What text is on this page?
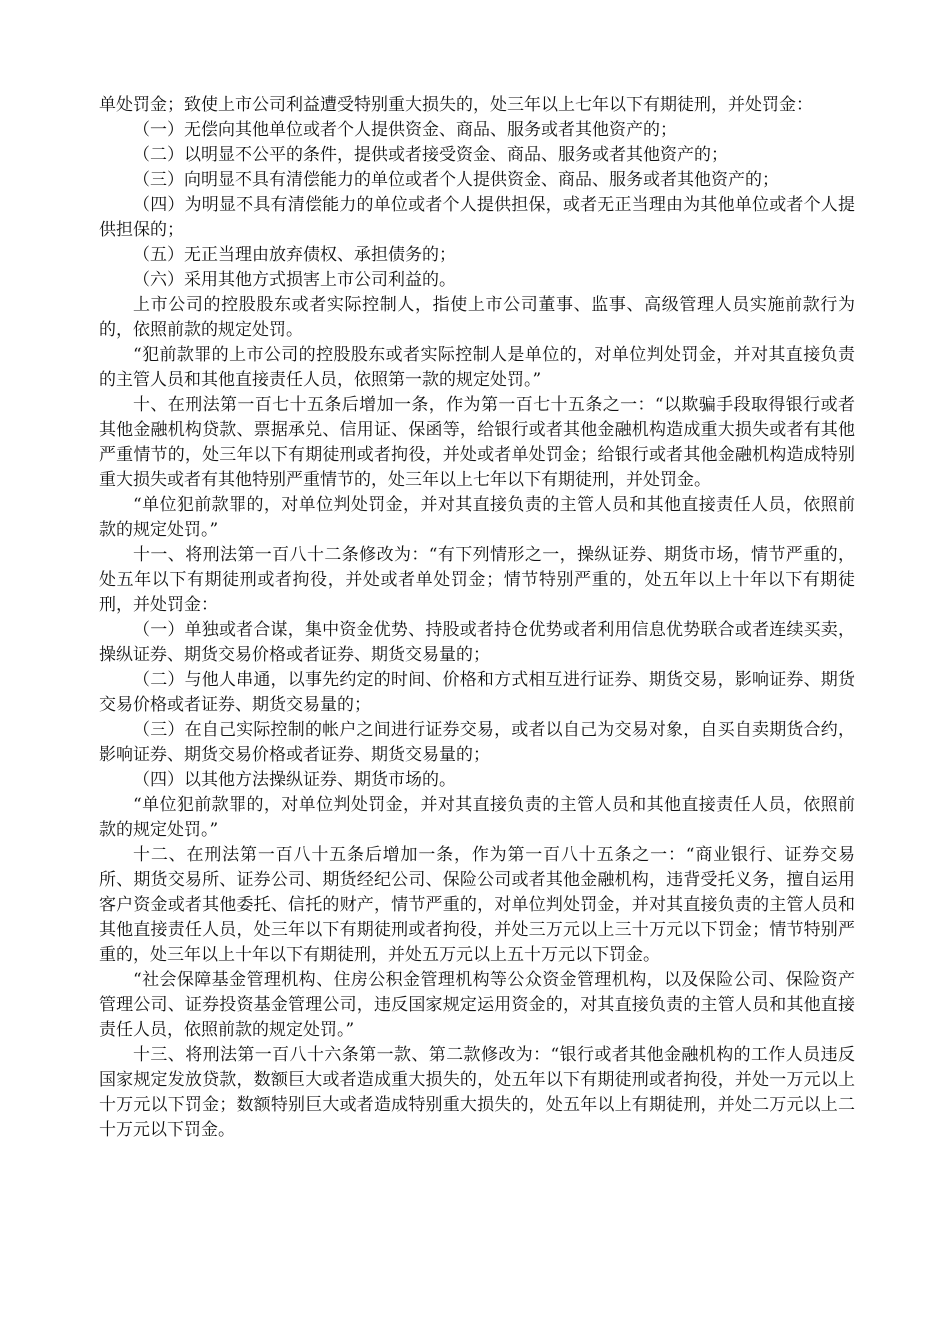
单处罚金；致使上市公司利益遭受特别重大损失的，处三年以上七年以下有期徒刑，并处罚金：

（一）无偿向其他单位或者个人提供资金、商品、服务或者其他资产的；

（二）以明显不公平的条件，提供或者接受资金、商品、服务或者其他资产的；

（三）向明显不具有清偿能力的单位或者个人提供资金、商品、服务或者其他资产的；

（四）为明显不具有清偿能力的单位或者个人提供担保，或者无正当理由为其他单位或者个人提供担保的；

（五）无正当理由放弃债权、承担债务的；

（六）采用其他方式损害上市公司利益的。

上市公司的控股股东或者实际控制人，指使上市公司董事、监事、高级管理人员实施前款行为的，依照前款的规定处罚。

“犯前款罪的上市公司的控股股东或者实际控制人是单位的，对单位判处罚金，并对其直接负责的主管人员和其他直接责任人员，依照第一款的规定处罚。”

十、在刑法第一百七十五条后增加一条，作为第一百七十五条之一：“以欺骗手段取得银行或者其他金融机构贷款、票据承兑、信用证、保函等，给银行或者其他金融机构造成重大损失或者有其他严重情节的，处三年以下有期徒刑或者拘役，并处或者单处罚金；给银行或者其他金融机构造成特别重大损失或者有其他特别严重情节的，处三年以上七年以下有期徒刑，并处罚金。

“单位犯前款罪的，对单位判处罚金，并对其直接负责的主管人员和其他直接责任人员，依照前款的规定处罚。”

十一、将刑法第一百八十二条修改为：“有下列情形之一，操纵证券、期货市场，情节严重的，处五年以下有期徒刑或者拘役，并处或者单处罚金；情节特别严重的，处五年以上十年以下有期徒刑，并处罚金：

（一）单独或者合谋，集中资金优势、持股或者持仓优势或者利用信息优势联合或者连续买卖，操纵证券、期货交易价格或者证券、期货交易量的；

（二）与他人串通，以事先约定的时间、价格和方式相互进行证券、期货交易，影响证券、期货交易价格或者证券、期货交易量的；

（三）在自己实际控制的帐户之间进行证券交易，或者以自己为交易对象，自买自卖期货合约，影响证券、期货交易价格或者证券、期货交易量的；

（四）以其他方法操纵证券、期货市场的。

“单位犯前款罪的，对单位判处罚金，并对其直接负责的主管人员和其他直接责任人员，依照前款的规定处罚。”

十二、在刑法第一百八十五条后增加一条，作为第一百八十五条之一：“商业银行、证券交易所、期货交易所、证券公司、期货经纪公司、保险公司或者其他金融机构，违背受托义务，擅自运用客户资金或者其他委托、信托的财产，情节严重的，对单位判处罚金，并对其直接负责的主管人员和其他直接责任人员，处三年以下有期徒刑或者拘役，并处三万元以上三十万元以下罚金；情节特别严重的，处三年以上十年以下有期徒刑，并处五万元以上五十万元以下罚金。

“社会保障基金管理机构、住房公积金管理机构等公众资金管理机构，以及保险公司、保险资产管理公司、证券投资基金管理公司，违反国家规定运用资金的，对其直接负责的主管人员和其他直接责任人员，依照前款的规定处罚。”

十三、将刑法第一百八十六条第一款、第二款修改为：“银行或者其他金融机构的工作人员违反国家规定发放贷款，数额巨大或者造成重大损失的，处五年以下有期徒刑或者拘役，并处一万元以上十万元以下罚金；数额特别巨大或者造成特别重大损失的，处五年以上有期徒刑，并处二万元以上二十万元以下罚金。
